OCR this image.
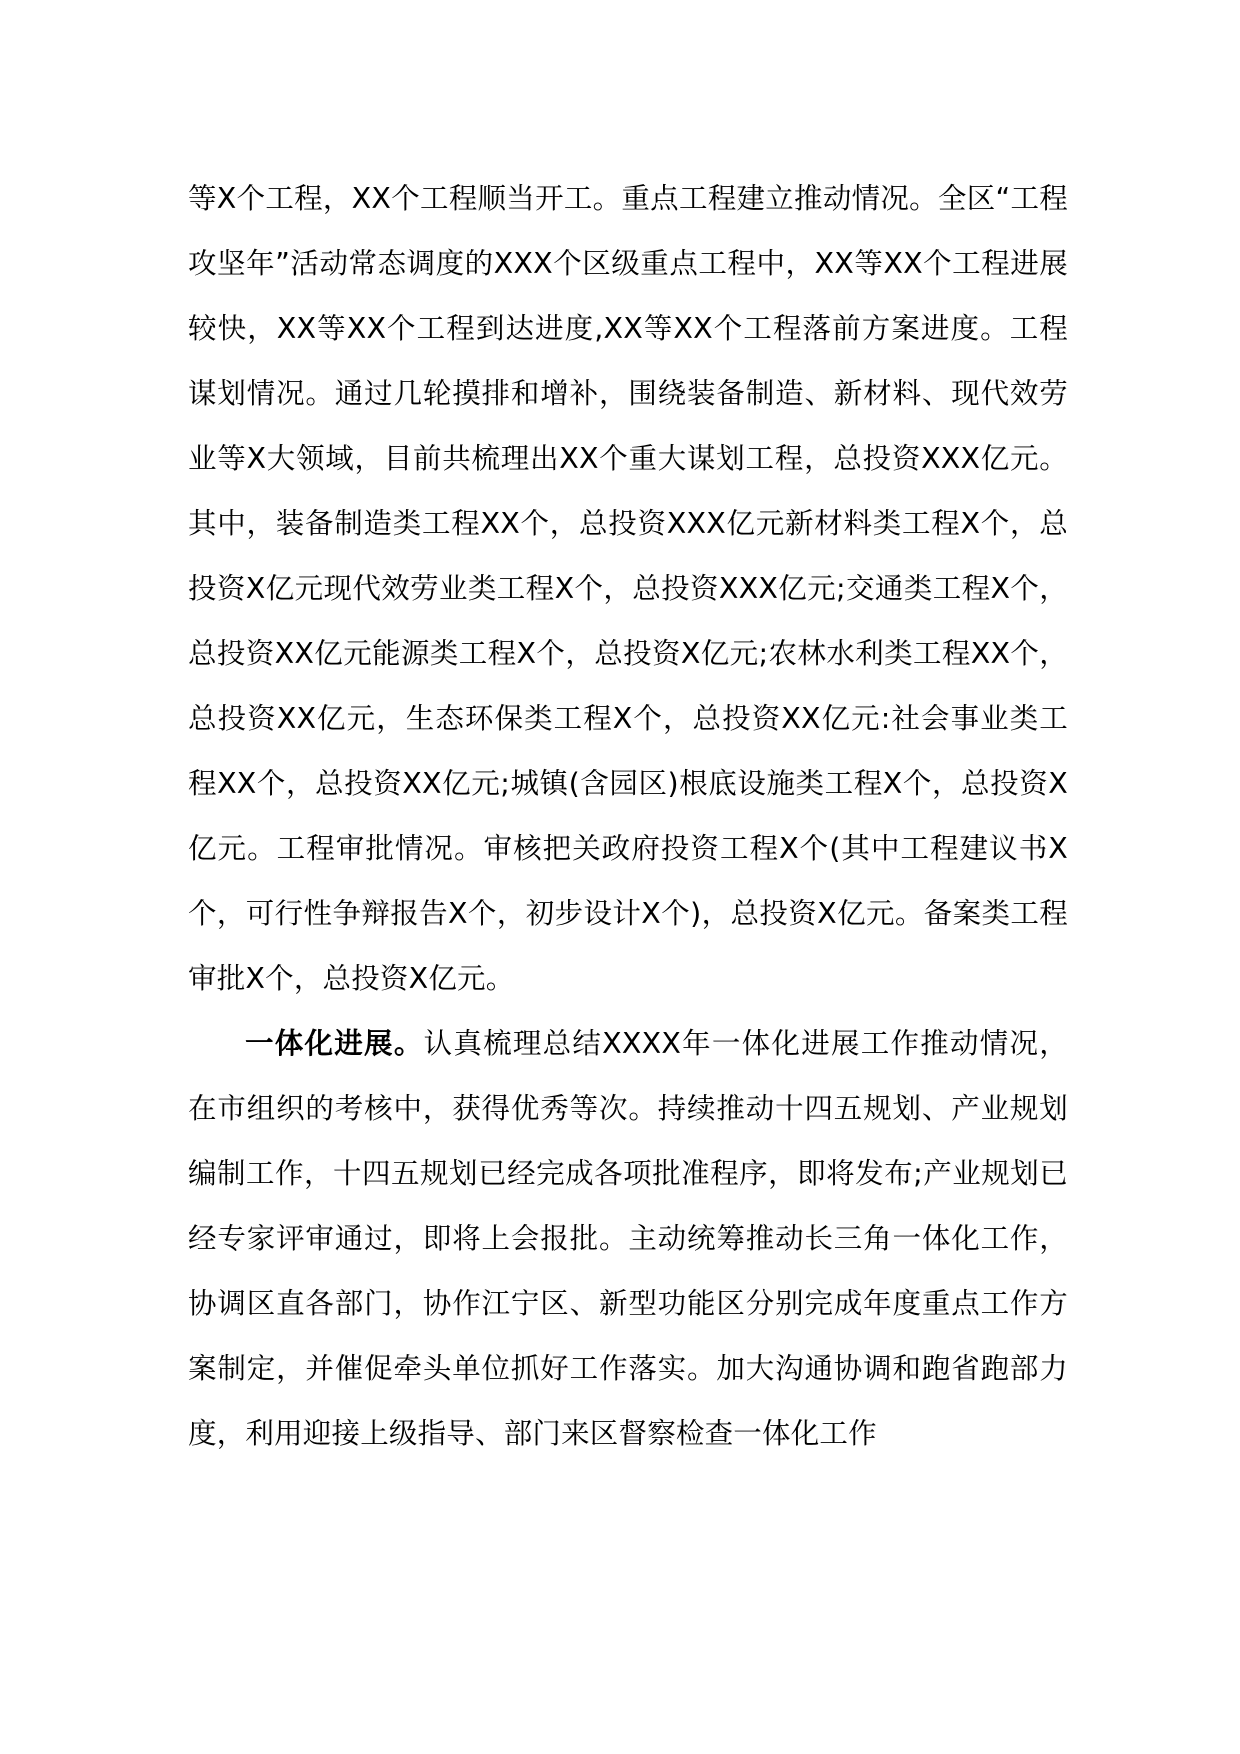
等X个工程，XX个工程顺当开工。重点工程建立推动情况。全区“工程攻坚年”活动常态调度的XXX个区级重点工程中，XX等XX个工程进展较快，XX等XX个工程到达进度,XX等XX个工程落前方案进度。工程谋划情况。通过几轮摸排和增补，围绕装备制造、新材料、现代效劳业等X大领域，目前共梳理出XX个重大谋划工程，总投资XXX亿元。其中，装备制造类工程XX个，总投资XXX亿元新材料类工程X个，总投资X亿元现代效劳业类工程X个，总投资XXX亿元;交通类工程X个，总投资XX亿元能源类工程X个，总投资X亿元;农林水利类工程XX个，总投资XX亿元，生态环保类工程X个，总投资XX亿元:社会事业类工程XX个，总投资XX亿元;城镇(含园区)根底设施类工程X个，总投资X亿元。工程审批情况。审核把关政府投资工程X个(其中工程建议书X个，可行性争辩报告X个，初步设计X个)，总投资X亿元。备案类工程审批X个，总投资X亿元。

一体化进展。认真梳理总结XXXX年一体化进展工作推动情况，在市组织的考核中，获得优秀等次。持续推动十四五规划、产业规划编制工作，十四五规划已经完成各项批准程序，即将发布;产业规划已经专家评审通过，即将上会报批。主动统筹推动长三角一体化工作，协调区直各部门，协作江宁区、新型功能区分别完成年度重点工作方案制定，并催促牵头单位抓好工作落实。加大沟通协调和跑省跑部力度，利用迎接上级指导、部门来区督察检查一体化工作
